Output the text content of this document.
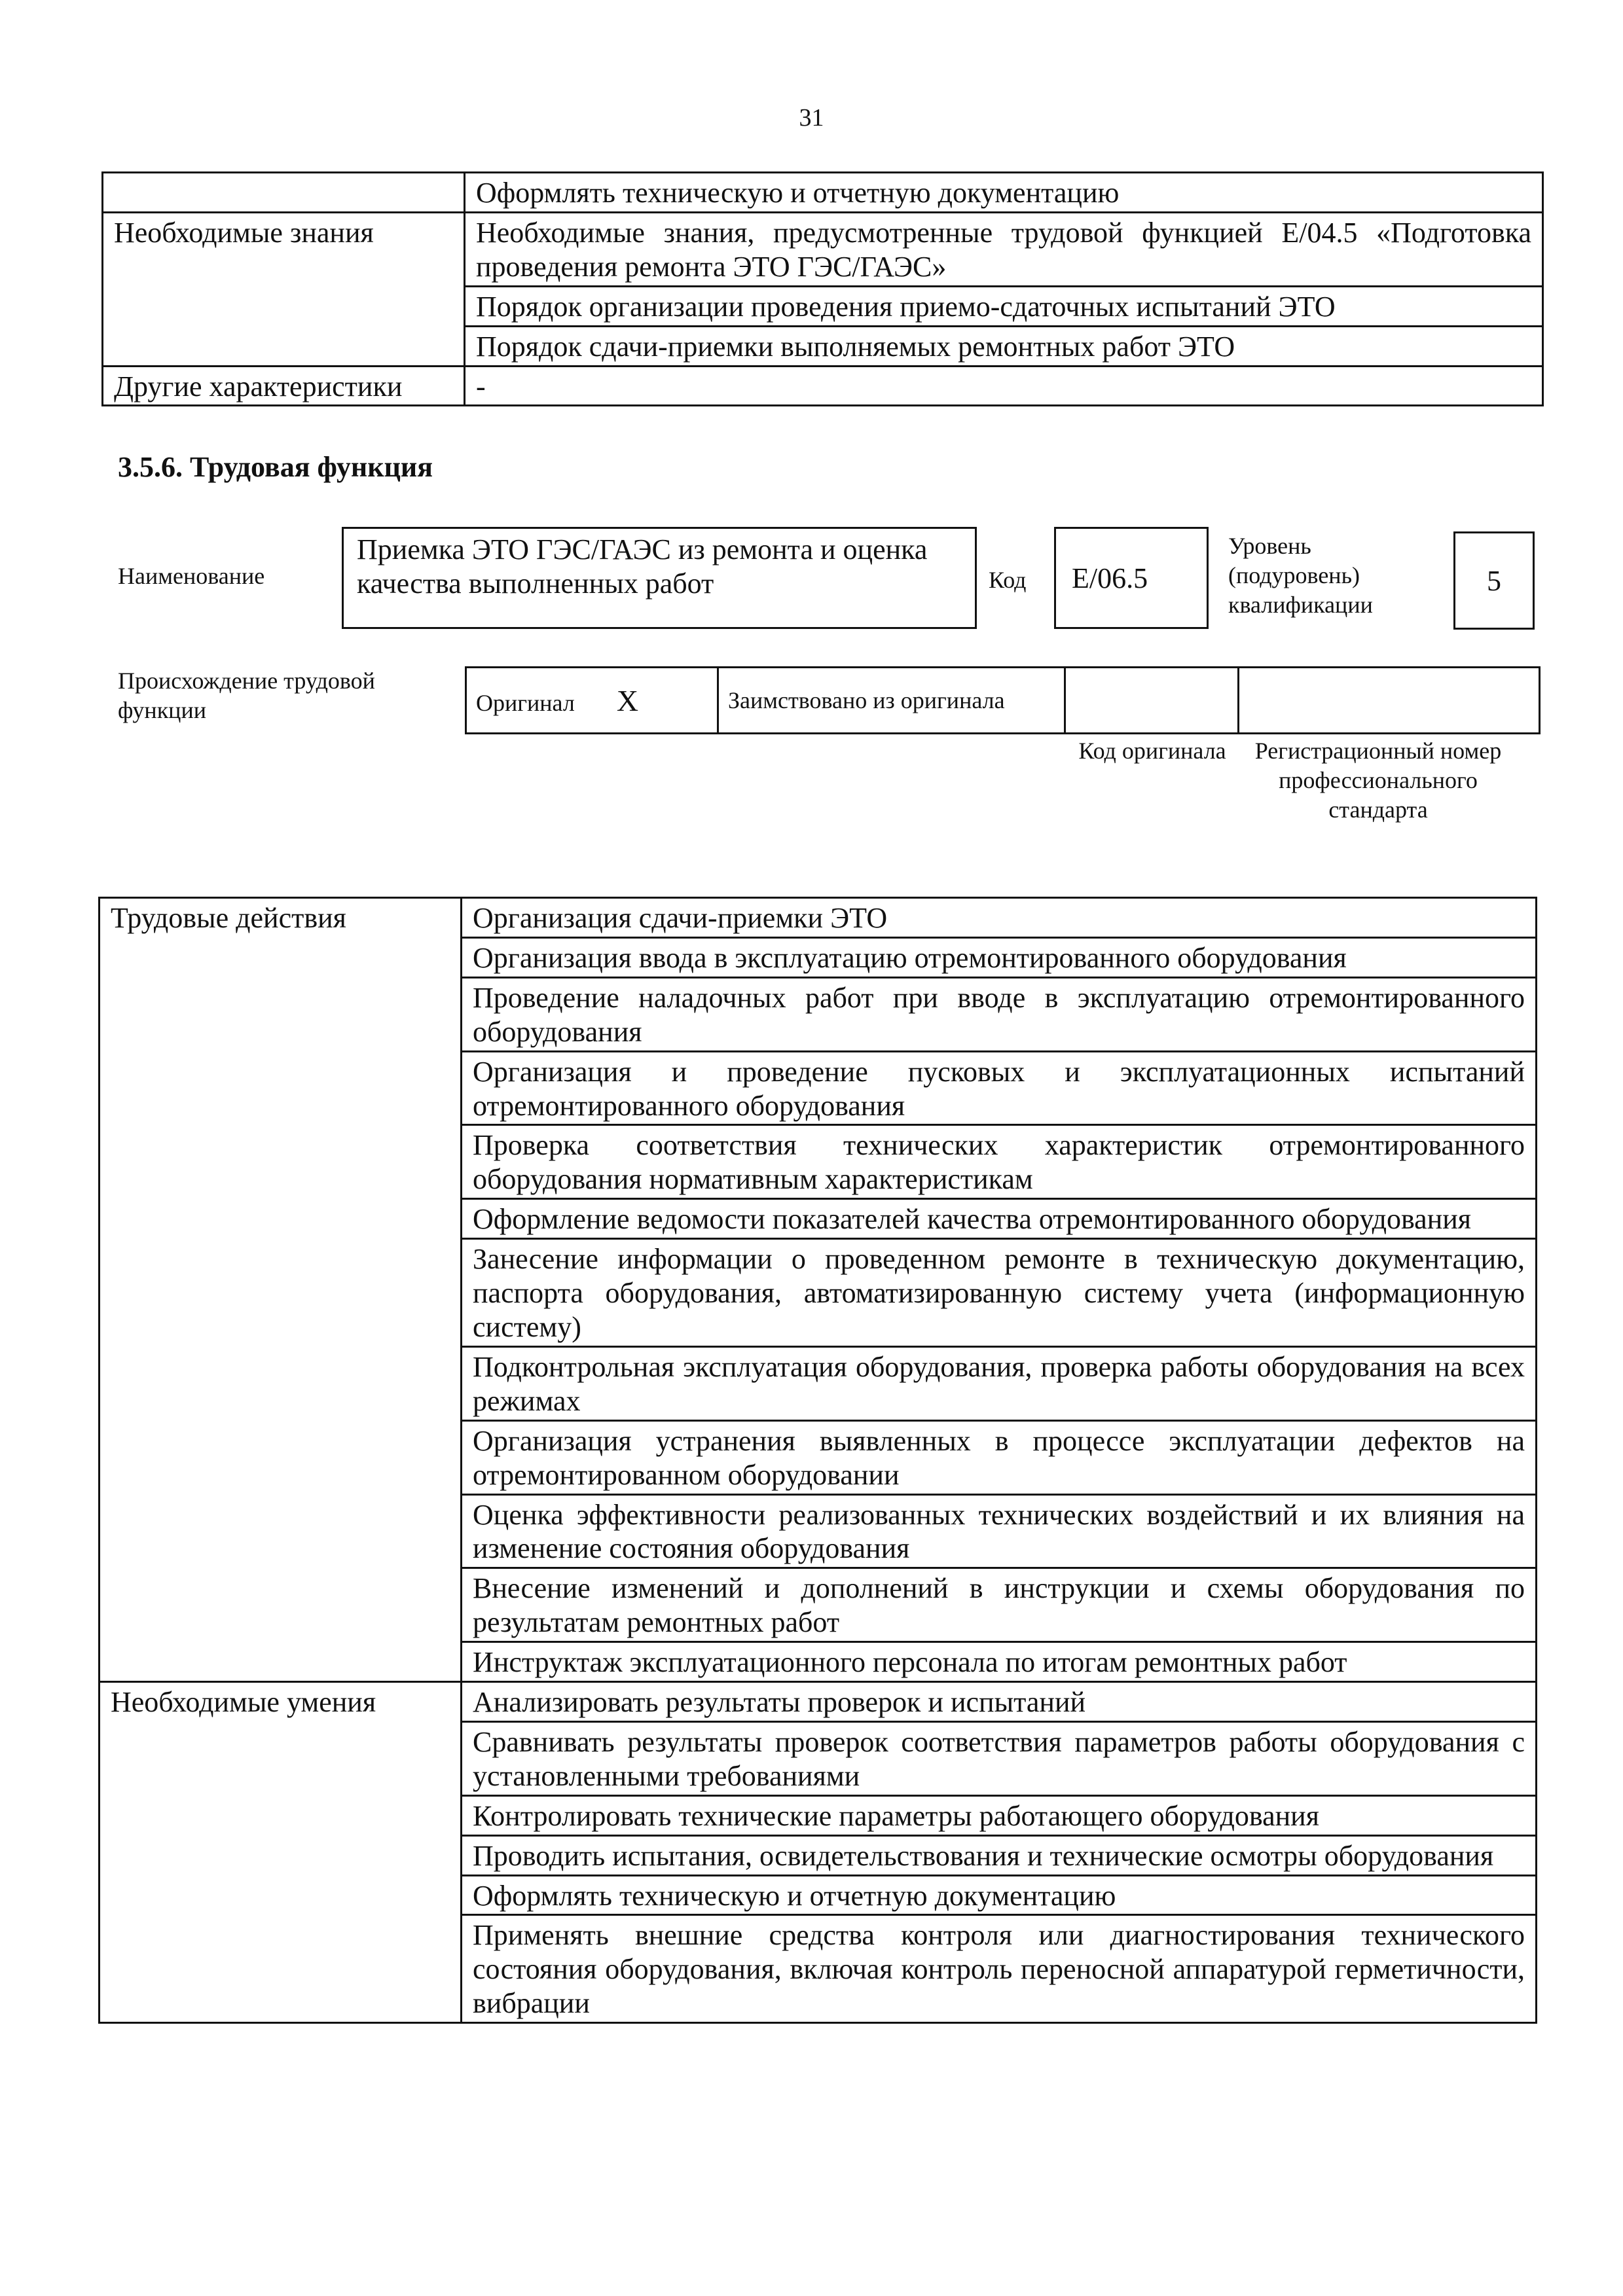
31
	Оформлять техническую и отчетную документацию
Необходимые знания	Необходимые знания, предусмотренные трудовой функцией E/04.5 «Подготовка проведения ремонта ЭТО ГЭС/ГАЭС»
	Порядок организации проведения приемо-сдаточных испытаний ЭТО
	Порядок сдачи-приемки выполняемых ремонтных работ ЭТО
Другие характеристики	-
3.5.6. Трудовая функция
Наименование
Приемка ЭТО ГЭС/ГАЭС из ремонта и оценка качества выполненных работ	Код E/06.5
Уровень (подуровень) квалификации
5
Происхождение трудовой функции	Оригинал X	Заимствовано из оригинала		
Код оригинала	Регистрационный номер профессионального стандарта
Трудовые действия	Организация сдачи-приемки ЭТО
	Организация ввода в эксплуатацию отремонтированного оборудования
	Проведение наладочных работ при вводе в эксплуатацию отремонтированного оборудования
	Организация и проведение пусковых и эксплуатационных испытаний отремонтированного оборудования
	Проверка соответствия технических характеристик отремонтированного оборудования нормативным характеристикам
	Оформление ведомости показателей качества отремонтированного оборудования
	Занесение информации о проведенном ремонте в техническую документацию, паспорта оборудования, автоматизированную систему учета (информационную систему)
	Подконтрольная эксплуатация оборудования, проверка работы оборудования на всех режимах
	Организация устранения выявленных в процессе эксплуатации дефектов на отремонтированном оборудовании
	Оценка эффективности реализованных технических воздействий и их влияния на изменение состояния оборудования
	Внесение изменений и дополнений в инструкции и схемы оборудования по результатам ремонтных работ
	Инструктаж эксплуатационного персонала по итогам ремонтных работ
Необходимые умения	Анализировать результаты проверок и испытаний
	Сравнивать результаты проверок соответствия параметров работы оборудования с установленными требованиями
	Контролировать технические параметры работающего оборудования
	Проводить испытания, освидетельствования и технические осмотры оборудования
	Оформлять техническую и отчетную документацию
	Применять внешние средства контроля или диагностирования технического состояния оборудования, включая контроль переносной аппаратурой герметичности, вибрации
